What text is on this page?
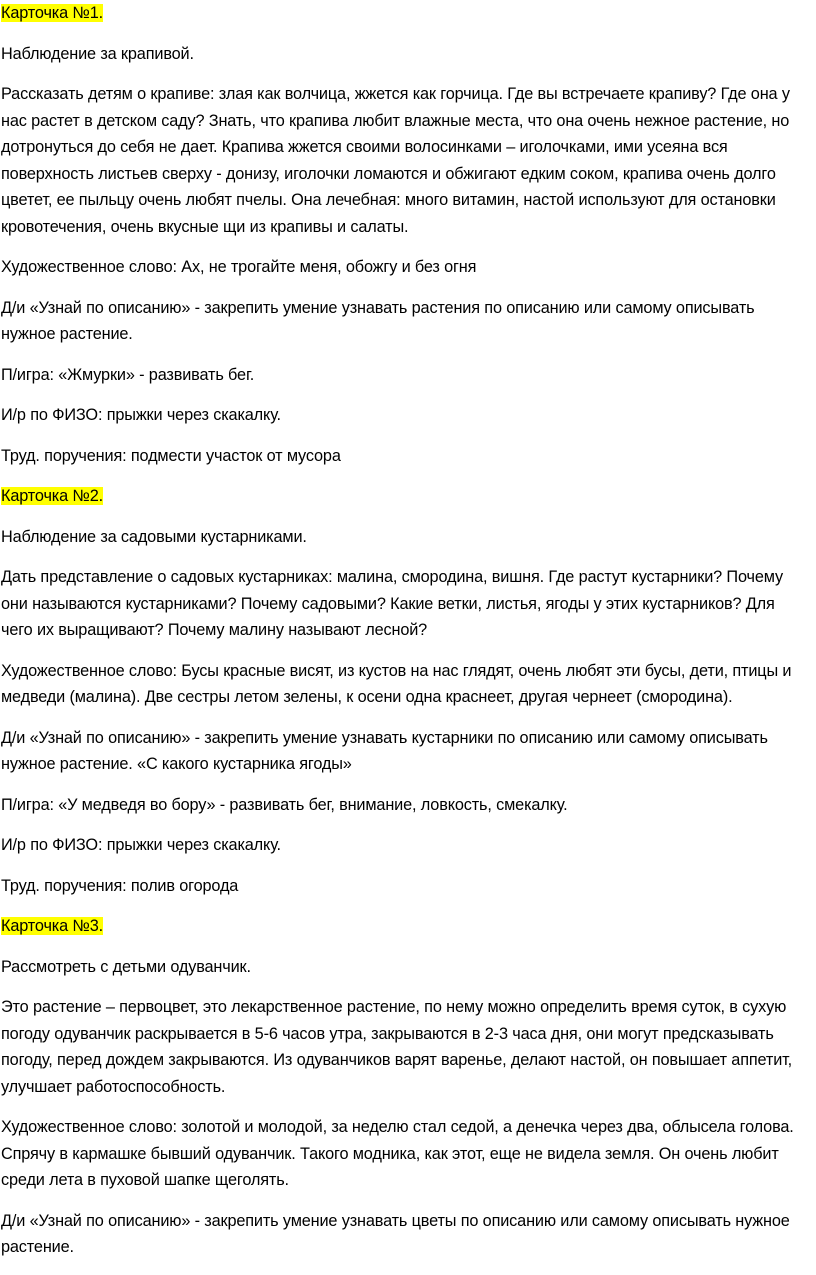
Карточка №1.

Наблюдение за крапивой.

Рассказать детям о крапиве: злая как волчица, жжется как горчица. Где вы встречаете крапиву? Где она у нас растет в детском саду? Знать, что крапива любит влажные места, что она очень нежное растение, но дотронуться до себя не дает. Крапива жжется своими волосинками – иголочками, ими усеяна вся поверхность листьев сверху - донизу, иголочки ломаются и обжигают едким соком, крапива очень долго цветет, ее пыльцу очень любят пчелы. Она лечебная: много витамин, настой используют для остановки кровотечения, очень вкусные щи из крапивы и салаты.

Художественное слово: Ах, не трогайте меня, обожгу и без огня

Д/и «Узнай по описанию» - закрепить умение узнавать растения по описанию или самому описывать нужное растение.

П/игра: «Жмурки» - развивать бег.

И/р по ФИЗО: прыжки через скакалку.

Труд. поручения: подмести участок от мусора

Карточка №2.

Наблюдение за садовыми кустарниками.

Дать представление о садовых кустарниках: малина, смородина, вишня. Где растут кустарники? Почему они называются кустарниками? Почему садовыми? Какие ветки, листья, ягоды у этих кустарников? Для чего их выращивают? Почему малину называют лесной?

Художественное слово: Бусы красные висят, из кустов на нас глядят, очень любят эти бусы, дети, птицы и медведи (малина). Две сестры летом зелены, к осени одна краснеет, другая чернеет (смородина).

Д/и «Узнай по описанию» - закрепить умение узнавать кустарники по описанию или самому описывать нужное растение. «С какого кустарника ягоды»

П/игра: «У медведя во бору» - развивать бег, внимание, ловкость, смекалку.

И/р по ФИЗО: прыжки через скакалку.

Труд. поручения: полив огорода

Карточка №3.

Рассмотреть с детьми одуванчик.

Это растение – первоцвет, это лекарственное растение, по нему можно определить время суток, в сухую погоду одуванчик раскрывается в 5-6 часов утра, закрываются в 2-3 часа дня, они могут предсказывать погоду, перед дождем закрываются. Из одуванчиков варят варенье, делают настой, он повышает аппетит, улучшает работоспособность.

Художественное слово: золотой и молодой, за неделю стал седой, а денечка через два, облысела голова. Спрячу в кармашке бывший одуванчик. Такого модника, как этот, еще не видела земля. Он очень любит среди лета в пуховой шапке щеголять.

Д/и «Узнай по описанию» - закрепить умение узнавать цветы по описанию или самому описывать нужное растение.
